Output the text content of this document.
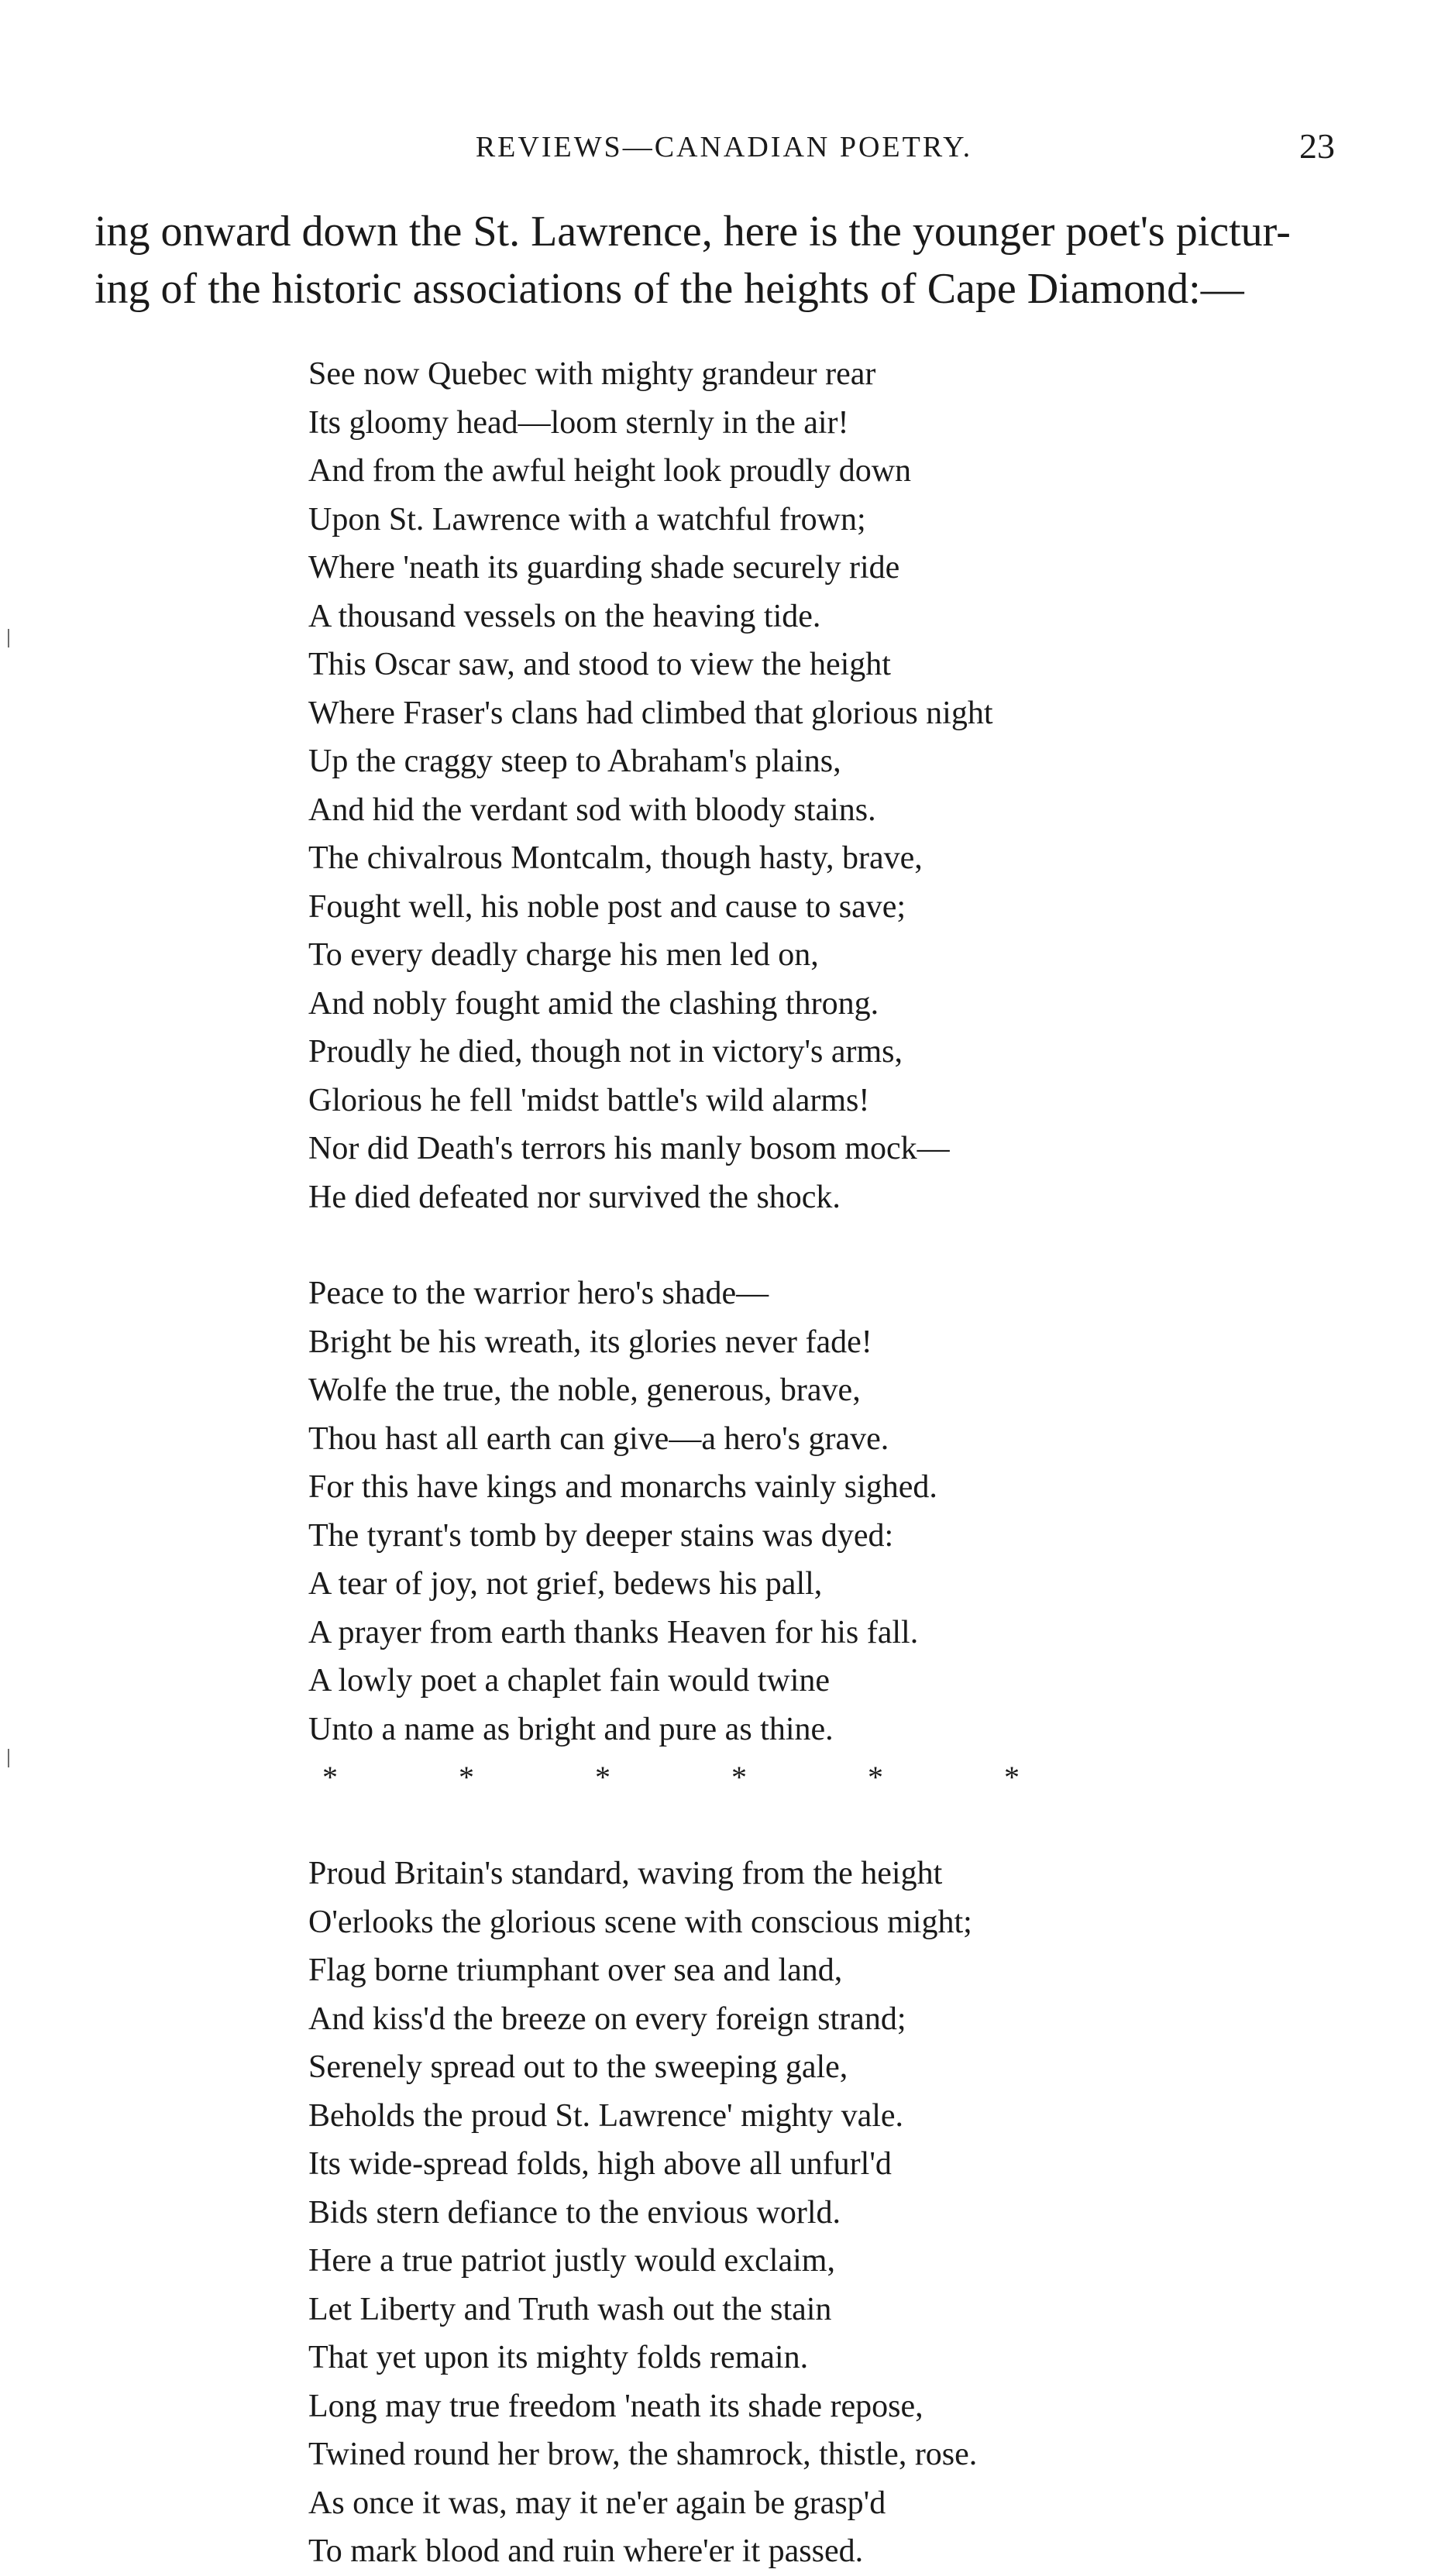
REVIEWS—CANADIAN POETRY.	23

ing onward down the St. Lawrence, here is the younger poet's pictur-

ing of the historic associations of the heights of Cape Diamond:—

See now Quebec with mighty grandeur rear
Its gloomy head—loom sternly in the air!
And from the awful height look proudly down
Upon St. Lawrence with a watchful frown;
Where 'neath its guarding shade securely ride
A thousand vessels on the heaving tide.
This Oscar saw, and stood to view the height
Where Fraser's clans had climbed that glorious night
Up the craggy steep to Abraham's plains,
And hid the verdant sod with bloody stains.
The chivalrous Montcalm, though hasty, brave,
Fought well, his noble post and cause to save;
To every deadly charge his men led on,
And nobly fought amid the clashing throng.
Proudly he died, though not in victory's arms,
Glorious he fell 'midst battle's wild alarms!
Nor did Death's terrors his manly bosom mock—
He died defeated nor survived the shock.
Peace to the warrior hero's shade—
Bright be his wreath, its glories never fade!
Wolfe the true, the noble, generous, brave,
Thou hast all earth can give—a hero's grave.
For this have kings and monarchs vainly sighed.
The tyrant's tomb by deeper stains was dyed:
A tear of joy, not grief, bedews his pall,
A prayer from earth thanks Heaven for his fall.
A lowly poet a chaplet fain would twine
Unto a name as bright and pure as thine.
*	*	*	*	*	*
Proud Britain's standard, waving from the height
O'erlooks the glorious scene with conscious might;
Flag borne triumphant over sea and land,
And kiss'd the breeze on every foreign strand;
Serenely spread out to the sweeping gale,
Beholds the proud St. Lawrence' mighty vale.
Its wide-spread folds, high above all unfurl'd
Bids stern defiance to the envious world.
Here a true patriot justly would exclaim,
Let Liberty and Truth wash out the stain
That yet upon its mighty folds remain.
Long may true freedom 'neath its shade repose,
Twined round her brow, the shamrock, thistle, rose.
As once it was, may it ne'er again be grasp'd
To mark blood and ruin where'er it passed.
